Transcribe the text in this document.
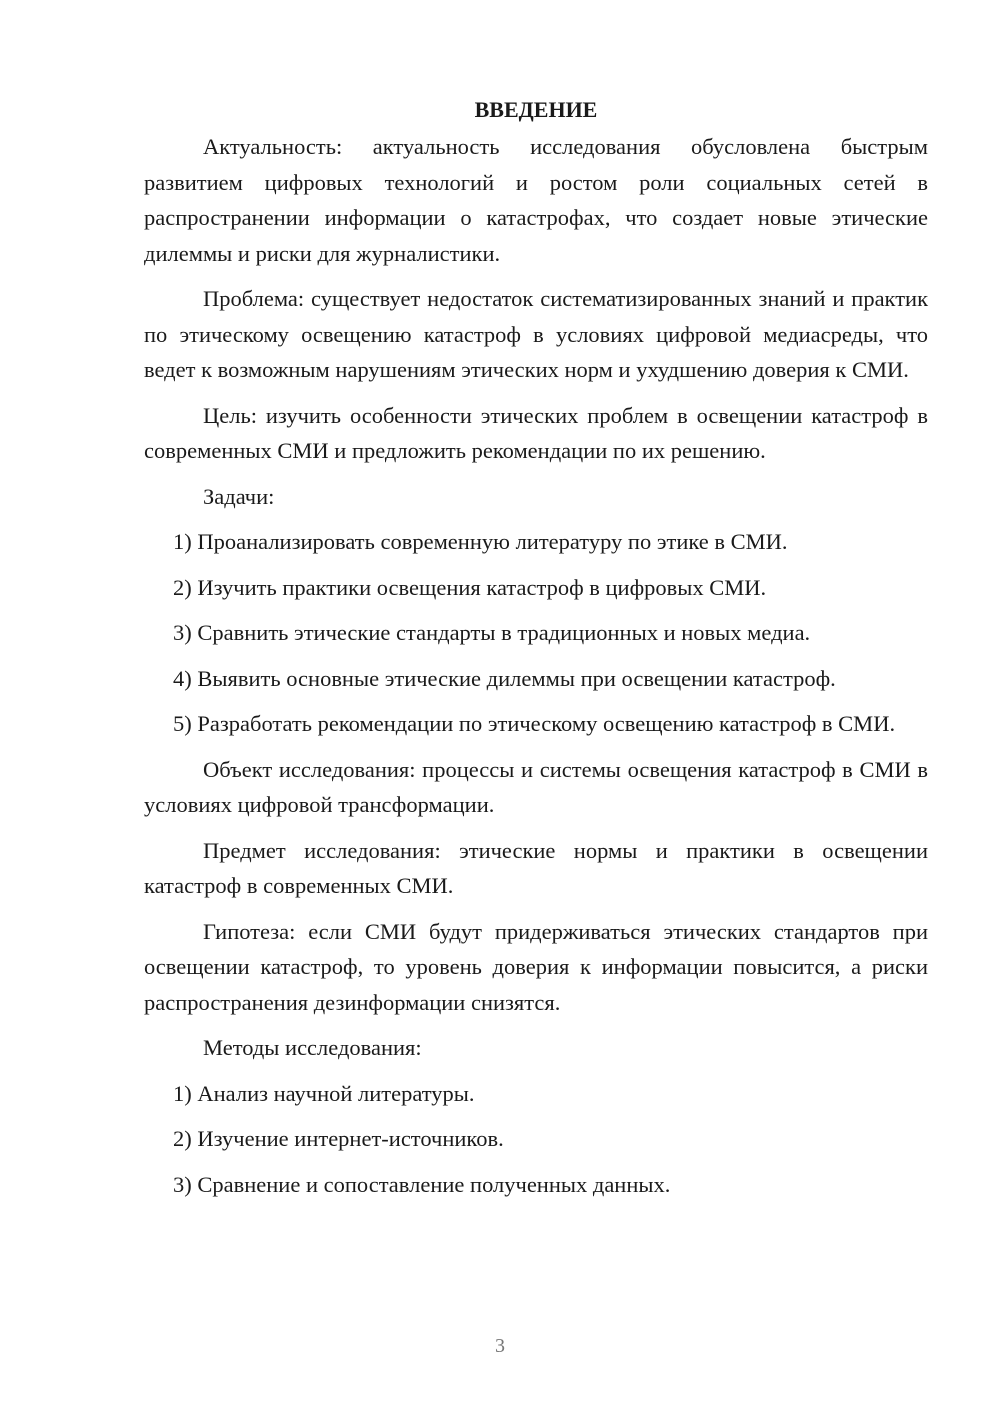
ВВЕДЕНИЕ

Актуальность: актуальность исследования обусловлена быстрым развитием цифровых технологий и ростом роли социальных сетей в распространении информации о катастрофах, что создает новые этические дилеммы и риски для журналистики.

Проблема: существует недостаток систематизированных знаний и практик по этическому освещению катастроф в условиях цифровой медиасреды, что ведет к возможным нарушениям этических норм и ухудшению доверия к СМИ.

Цель: изучить особенности этических проблем в освещении катастроф в современных СМИ и предложить рекомендации по их решению.

Задачи:

1) Проанализировать современную литературу по этике в СМИ.

2) Изучить практики освещения катастроф в цифровых СМИ.

3) Сравнить этические стандарты в традиционных и новых медиа.

4) Выявить основные этические дилеммы при освещении катастроф.

5) Разработать рекомендации по этическому освещению катастроф в СМИ.

Объект исследования: процессы и системы освещения катастроф в СМИ в условиях цифровой трансформации.

Предмет исследования: этические нормы и практики в освещении катастроф в современных СМИ.

Гипотеза: если СМИ будут придерживаться этических стандартов при освещении катастроф, то уровень доверия к информации повысится, а риски распространения дезинформации снизятся.

Методы исследования:

1) Анализ научной литературы.

2) Изучение интернет-источников.

3) Сравнение и сопоставление полученных данных.

3
